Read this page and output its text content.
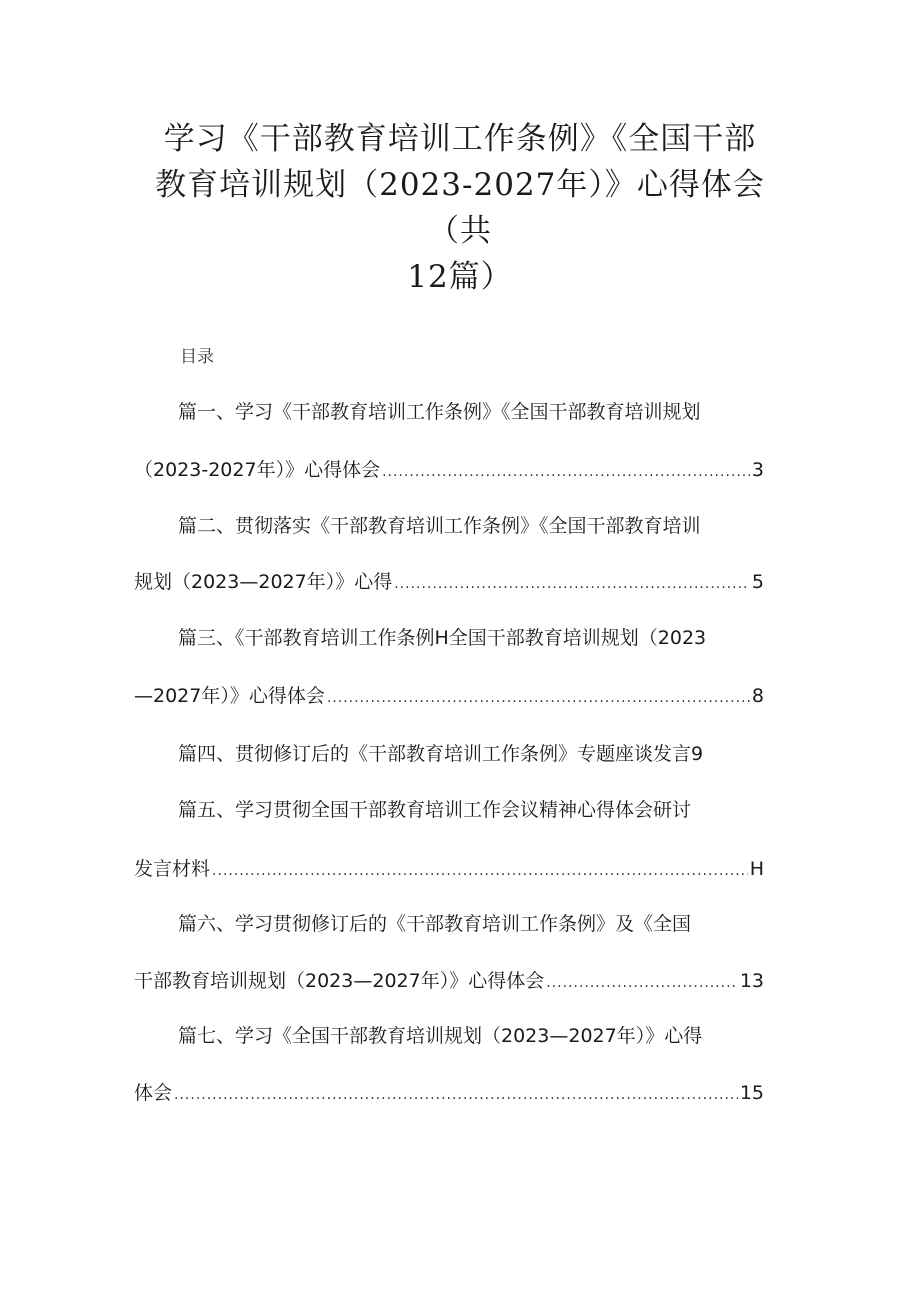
学习《干部教育培训工作条例》《全国干部
教育培训规划（2023-2027年）》心得体会
（共
12篇）
目录
篇一、学习《干部教育培训工作条例》《全国干部教育培训规划
（2023-2027年）》心得体会 .....	3
篇二、贯彻落实《干部教育培训工作条例》《全国干部教育培训
规划（2023—2027年）》心得 .....	5
篇三、《干部教育培训工作条例H全国干部教育培训规划（2023
—2027年）》心得体会 .....	8
篇四、贯彻修订后的《干部教育培训工作条例》专题座谈发言9
篇五、学习贯彻全国干部教育培训工作会议精神心得体会研讨
发言材料 .....	H
篇六、学习贯彻修订后的《干部教育培训工作条例》及《全国
干部教育培训规划（2023—2027年）》心得体会 .....	13
篇七、学习《全国干部教育培训规划（2023—2027年）》心得
体会 .....	15
